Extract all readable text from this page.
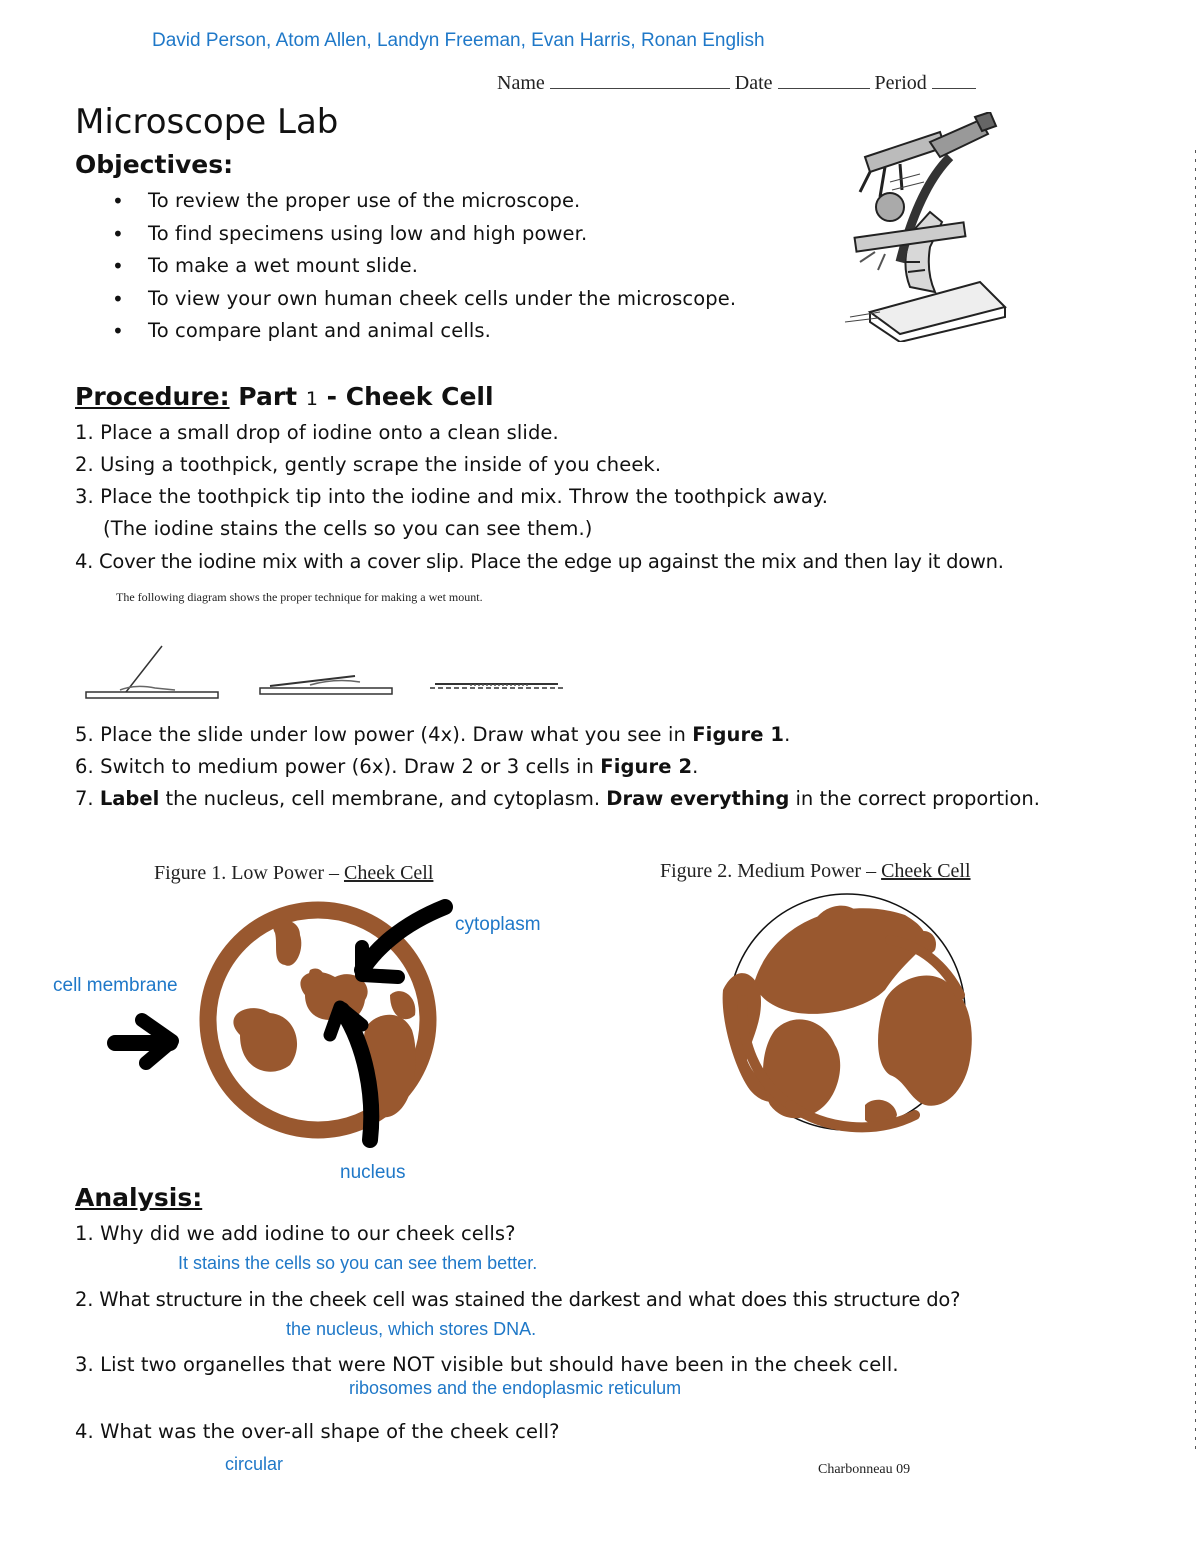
David Person, Atom Allen, Landyn Freeman, Evan Harris, Ronan English
Name	Date	Period
Microscope Lab
Objectives:
• To review the proper use of the microscope.
• To find specimens using low and high power.
• To make a wet mount slide.
• To view your own human cheek cells under the microscope.
• To compare plant and animal cells.
Procedure: Part 1 - Cheek Cell
1. Place a small drop of iodine onto a clean slide.
2. Using a toothpick, gently scrape the inside of you cheek.
3. Place the toothpick tip into the iodine and mix. Throw the toothpick away.
(The iodine stains the cells so you can see them.)
4. Cover the iodine mix with a cover slip. Place the edge up against the mix and then lay it down.
The following diagram shows the proper technique for making a wet mount.
5. Place the slide under low power (4x). Draw what you see in Figure 1.
6. Switch to medium power (6x). Draw 2 or 3 cells in Figure 2.
7. Label the nucleus, cell membrane, and cytoplasm. Draw everything in the correct proportion.
Figure 1. Low Power – Cheek Cell	Figure 2. Medium Power – Cheek Cell
cytoplasm
cell membrane
nucleus
Analysis:
1. Why did we add iodine to our cheek cells?
It stains the cells so you can see them better.
2. What structure in the cheek cell was stained the darkest and what does this structure do?
the nucleus, which stores DNA.
3. List two organelles that were NOT visible but should have been in the cheek cell.
ribosomes and the endoplasmic reticulum
4. What was the over-all shape of the cheek cell?
circular	Charbonneau 09
